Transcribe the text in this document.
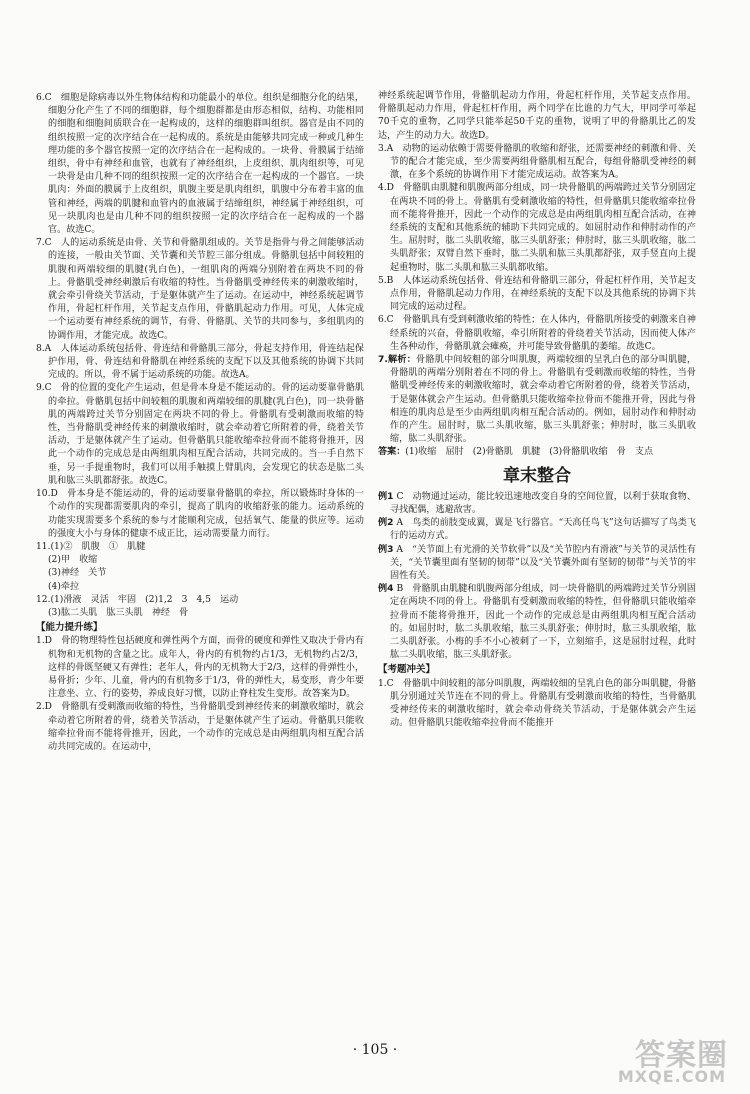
6.C　细胞是除病毒以外生物体结构和功能最小的单位。组织是细胞分化的结果，细胞分化产生了不同的细胞群，每个细胞群都是由形态相似，结构、功能相同的细胞和细胞间质联合在一起构成的，这样的细胞群叫组织。器官是由不同的组织按照一定的次序结合在一起构成的。系统是由能够共同完成一种或几种生理功能的多个器官按照一定的次序结合在一起构成的。一块骨、骨膜属于结缔组织，骨中有神经和血管，也就有了神经组织，上皮组织、肌肉组织等，可见一块骨是由几种不同的组织按照一定的次序结合在一起构成的一个器官。一块肌肉：外面的膜属于上皮组织，肌腹主要是肌肉组织，肌腹中分布着丰富的血管和神经，两端的肌腱和血管内的血液属于结缔组织，神经属于神经组织，可见一块肌肉也是由几种不同的组织按照一定的次序结合在一起构成的一个器官。故选C。

7.C　人的运动系统是由骨、关节和骨骼肌组成的。关节是指骨与骨之间能够活动的连接，一般由关节面、关节囊和关节腔三部分组成。骨骼肌包括中间较粗的肌腹和两端较细的肌腱(乳白色)，一组肌肉的两端分别附着在两块不同的骨上。骨骼肌受神经刺激后有收缩的特性。当骨骼肌受神经传来的刺激收缩时，就会牵引骨绕关节活动，于是躯体就产生了运动。在运动中，神经系统起调节作用，骨起杠杆作用，关节起支点作用，骨骼肌起动力作用。可见，人体完成一个运动要有神经系统的调节，有骨、骨骼肌、关节的共同参与，多组肌肉的协调作用，才能完成。故选C。

8.A　人体运动系统包括骨、骨连结和骨骼肌三部分，骨起支持作用，骨连结起保护作用，骨、骨连结和骨骼肌在神经系统的支配下以及其他系统的协调下共同完成的。所以，骨不属于运动系统的功能。故选A。

9.C　骨的位置的变化产生运动，但是骨本身是不能运动的。骨的运动要靠骨骼肌的牵拉。骨骼肌包括中间较粗的肌腹和两端较细的肌腱(乳白色)，同一块骨骼肌的两端跨过关节分别固定在两块不同的骨上。骨骼肌有受刺激而收缩的特性，当骨骼肌受神经传来的刺激收缩时，就会牵动着它所附着的骨，绕着关节活动，于是躯体就产生了运动。但骨骼肌只能收缩牵拉骨而不能将骨推开，因此一个动作的完成总是由两组肌肉相互配合活动，共同完成的。当一手自然下垂，另一手提重物时，我们可以用手触摸上臂肌肉，会发现它的状态是肱二头肌和肱三头肌都舒张。故选C。

10.D　骨本身是不能运动的，骨的运动要靠骨骼肌的牵拉，所以锻炼时身体的一个动作的实现都需要肌肉的牵引，提高了肌肉的收缩舒张的能力。运动系统的功能实现需要多个系统的参与才能顺利完成，包括氧气、能量的供应等。运动的强度大小与身体的健康不成正比，运动需要量力而行。

11.(1)②　肌腹　①　肌腱

(2)甲　收缩

(3)神经　关节

(4)牵拉

12.(1)滑液　灵活　牢固　(2)1,2　3　4,5　运动

(3)肱二头肌　肱三头肌　神经　骨

【能力提升练】

1.D　骨的物理特性包括硬度和弹性两个方面，而骨的硬度和弹性又取决于骨内有机物和无机物的含量之比。成年人，骨内的有机物约占1/3，无机物约占2/3，这样的骨既坚硬又有弹性；老年人，骨内的无机物大于2/3，这样的骨弹性小，易骨折；少年、儿童，骨内的有机物多于1/3，骨的弹性大，易变形，青少年要注意坐、立、行的姿势，养成良好习惯，以防止脊柱发生变形。故答案为D。

2.D　骨骼肌有受刺激而收缩的特性，当骨骼肌受到神经传来的刺激收缩时，就会牵动着它所附着的骨，绕着关节活动，于是躯体就产生了运动。骨骼肌只能收缩牵拉骨而不能将骨推开，因此，一个动作的完成总是由两组肌肉相互配合活动共同完成的。在运动中，

神经系统起调节作用，骨骼肌起动力作用，骨起杠杆作用，关节起支点作用。骨骼肌起动力作用，骨起杠杆作用，两个同学在比谁的力气大，甲同学可举起70千克的重物，乙同学只能举起50千克的重物，说明了甲的骨骼肌比乙的发达，产生的动力大。故选D。

3.A　动物的运动依赖于需要骨骼肌的收缩和舒张，还需要神经的刺激和骨、关节的配合才能完成，至少需要两组骨骼肌相互配合，每组骨骼肌受神经的刺激，在多个系统的协调作用下才能完成运动。故答案为A。

4.D　骨骼肌由肌腱和肌腹两部分组成，同一块骨骼肌的两端跨过关节分别固定在两块不同的骨上。骨骼肌有受刺激收缩的特性，但骨骼肌只能收缩牵拉骨而不能将骨推开，因此一个动作的完成总是由两组肌肉相互配合活动，在神经系统的支配和其他系统的辅助下共同完成的。如屈肘动作和伸肘动作的产生。屈肘时，肱二头肌收缩，肱三头肌舒张；伸肘时，肱三头肌收缩，肱二头肌舒张；双臂自然下垂时，肱二头肌和肱三头肌都舒张，双手竖直向上提起重物时，肱二头肌和肱三头肌都收缩。

5.B　人体运动系统包括骨、骨连结和骨骼肌三部分，骨起杠杆作用，关节起支点作用，骨骼肌起动力作用，在神经系统的支配下以及其他系统的协调下共同完成的运动过程。

6.C　骨骼肌具有受到刺激收缩的特性；在人体内，骨骼肌所接受的刺激来自神经系统的兴奋，骨骼肌收缩，牵引所附着的骨绕着关节活动，因而使人体产生各种动作，骨骼肌就会瘫痪，并可能导致骨骼肌的萎缩。故选C。

7.解析：骨骼肌中间较粗的部分叫肌腹，两端较细的呈乳白色的部分叫肌腱，骨骼肌的两端分别附着在不同的骨上。骨骼肌有受刺激而收缩的特性，当骨骼肌受神经传来的刺激收缩时，就会牵动着它所附着的骨，绕着关节活动，于是躯体就会产生运动。但骨骼肌只能收缩牵拉骨而不能推开骨，因此与骨相连的肌肉总是至少由两组肌肉相互配合活动的。例如，屈肘动作和伸肘动作的产生。屈肘时，肱二头肌收缩，肱三头肌舒张；伸肘时，肱三头肌收缩，肱二头肌舒张。

答案：(1)收缩　屈肘　(2)骨骼肌　肌腱　(3)骨骼肌收缩　骨　支点

章末整合

例1 C　动物通过运动，能比较迅速地改变自身的空间位置，以利于获取食物、寻找配偶，逃避敌害。

例2 A　鸟类的前肢变成翼，翼是飞行器官。“天高任鸟飞”这句话描写了鸟类飞行的运动方式。

例3 A　“关节面上有光滑的关节软骨”以及“关节腔内有滑液”与关节的灵活性有关，“关节囊里面有坚韧的韧带”以及“关节囊外面有坚韧的韧带”与关节的牢固性有关。

例4 B　骨骼肌由肌腱和肌腹两部分组成，同一块骨骼肌的两端跨过关节分别固定在两块不同的骨上。骨骼肌有受刺激而收缩的特性，但骨骼肌只能收缩牵拉骨而不能将骨推开，因此一个动作的完成总是由两组肌肉相互配合活动的。如屈肘时，肱二头肌收缩，肱三头肌舒张；伸肘时，肱三头肌收缩，肱二头肌舒张。小梅的手不小心被刺了一下，立刻缩手，这是屈肘过程，此时肱二头肌收缩，肱三头肌舒张。

【考题冲关】

1.C　骨骼肌中间较粗的部分叫肌腹，两端较细的呈乳白色的部分叫肌腱，骨骼肌分别通过关节连在不同的骨上。骨骼肌有受刺激而收缩的特性，当骨骼肌受神经传来的刺激收缩时，就会牵动骨绕关节活动，于是躯体就会产生运动。但骨骼肌只能收缩牵拉骨而不能推开

· 105 ·	答案圈
MXQE.COM
